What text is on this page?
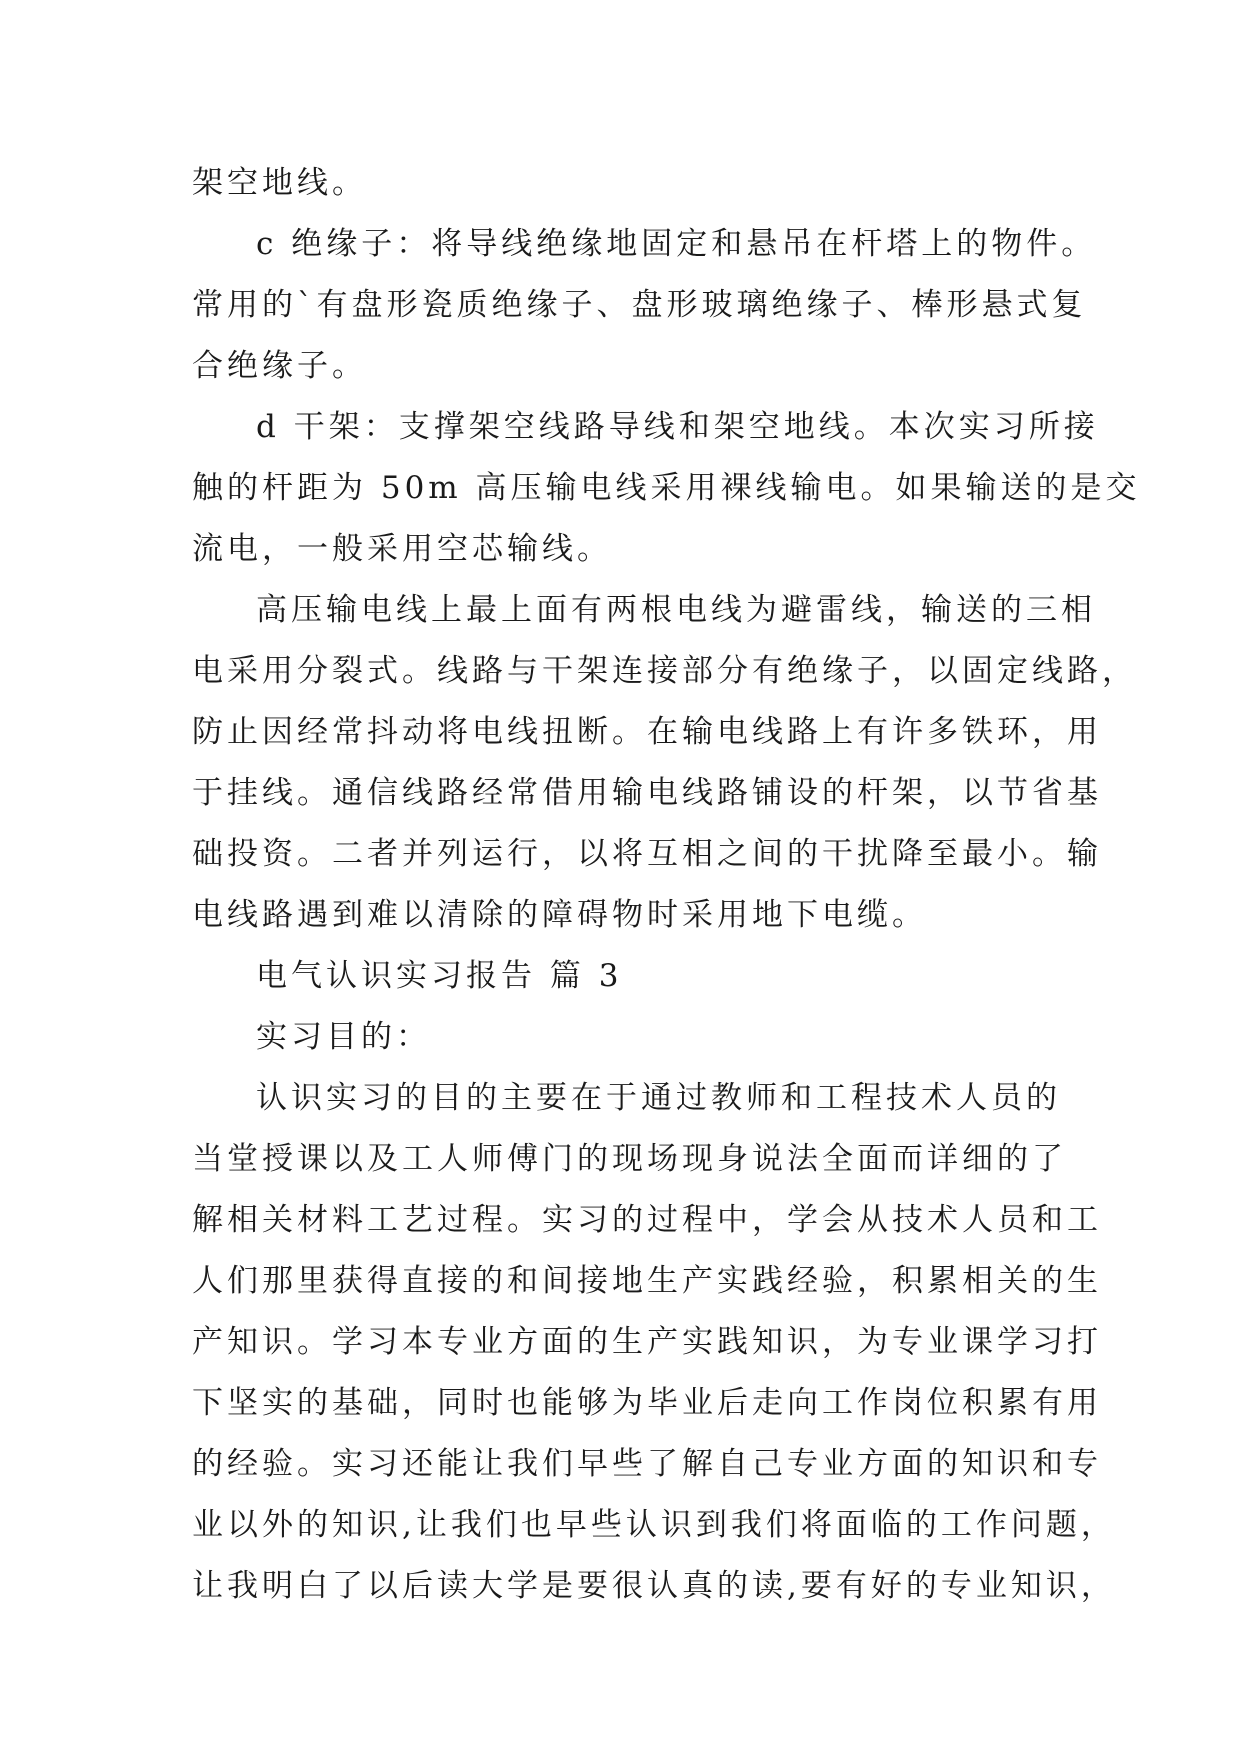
架空地线。
c 绝缘子：将导线绝缘地固定和悬吊在杆塔上的物件。
常用的`有盘形瓷质绝缘子、盘形玻璃绝缘子、棒形悬式复
合绝缘子。
d 干架：支撑架空线路导线和架空地线。本次实习所接
触的杆距为 50m 高压输电线采用裸线输电。如果输送的是交
流电，一般采用空芯输线。
高压输电线上最上面有两根电线为避雷线，输送的三相
电采用分裂式。线路与干架连接部分有绝缘子，以固定线路，
防止因经常抖动将电线扭断。在输电线路上有许多铁环，用
于挂线。通信线路经常借用输电线路铺设的杆架，以节省基
础投资。二者并列运行，以将互相之间的干扰降至最小。输
电线路遇到难以清除的障碍物时采用地下电缆。
电气认识实习报告 篇 3
实习目的：
认识实习的目的主要在于通过教师和工程技术人员的
当堂授课以及工人师傅门的现场现身说法全面而详细的了
解相关材料工艺过程。实习的过程中，学会从技术人员和工
人们那里获得直接的和间接地生产实践经验，积累相关的生
产知识。学习本专业方面的生产实践知识，为专业课学习打
下坚实的基础，同时也能够为毕业后走向工作岗位积累有用
的经验。实习还能让我们早些了解自己专业方面的知识和专
业以外的知识,让我们也早些认识到我们将面临的工作问题，
让我明白了以后读大学是要很认真的读,要有好的专业知识，
